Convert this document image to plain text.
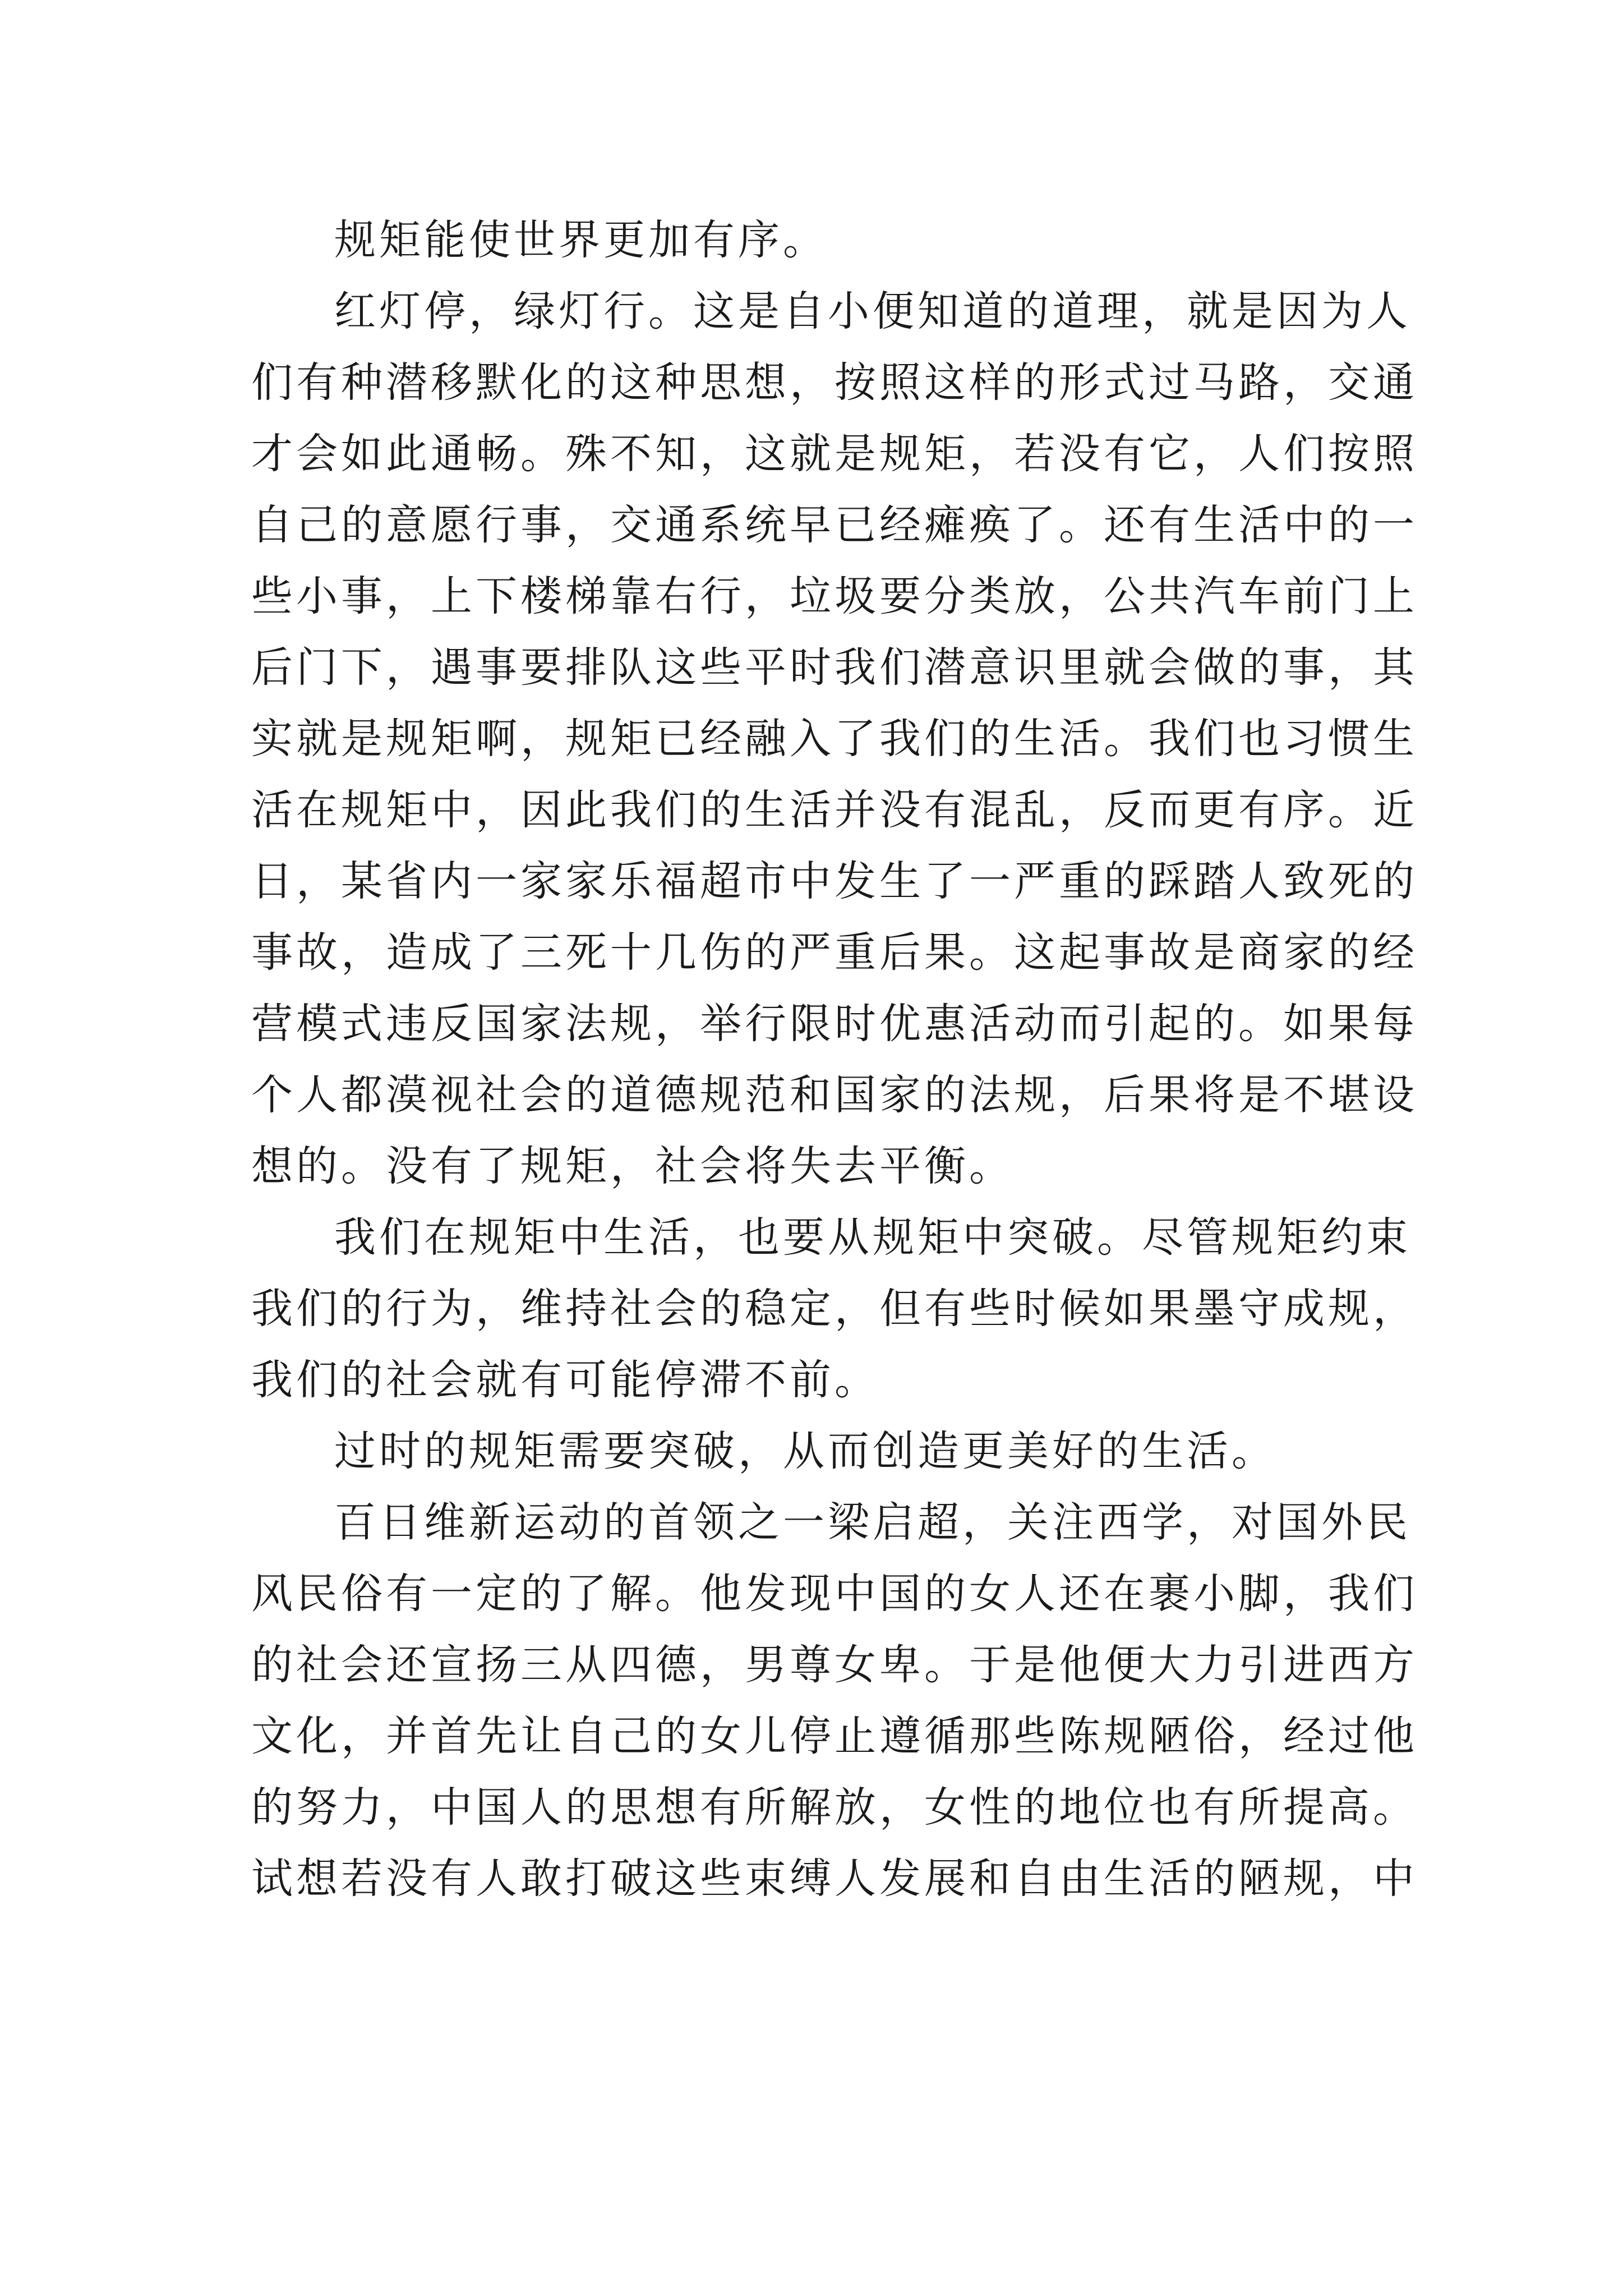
规矩能使世界更加有序。
红灯停，绿灯行。这是自小便知道的道理，就是因为人
们有种潜移默化的这种思想，按照这样的形式过马路，交通
才会如此通畅。殊不知，这就是规矩，若没有它，人们按照
自己的意愿行事，交通系统早已经瘫痪了。还有生活中的一
些小事，上下楼梯靠右行，垃圾要分类放，公共汽车前门上
后门下，遇事要排队这些平时我们潜意识里就会做的事，其
实就是规矩啊，规矩已经融入了我们的生活。我们也习惯生
活在规矩中，因此我们的生活并没有混乱，反而更有序。近
日，某省内一家家乐福超市中发生了一严重的踩踏人致死的
事故，造成了三死十几伤的严重后果。这起事故是商家的经
营模式违反国家法规，举行限时优惠活动而引起的。如果每
个人都漠视社会的道德规范和国家的法规，后果将是不堪设
想的。没有了规矩，社会将失去平衡。
我们在规矩中生活，也要从规矩中突破。尽管规矩约束
我们的行为，维持社会的稳定，但有些时候如果墨守成规，
我们的社会就有可能停滞不前。
过时的规矩需要突破，从而创造更美好的生活。
百日维新运动的首领之一梁启超，关注西学，对国外民
风民俗有一定的了解。他发现中国的女人还在裹小脚，我们
的社会还宣扬三从四德，男尊女卑。于是他便大力引进西方
文化，并首先让自己的女儿停止遵循那些陈规陋俗，经过他
的努力，中国人的思想有所解放，女性的地位也有所提高。
试想若没有人敢打破这些束缚人发展和自由生活的陋规，中
